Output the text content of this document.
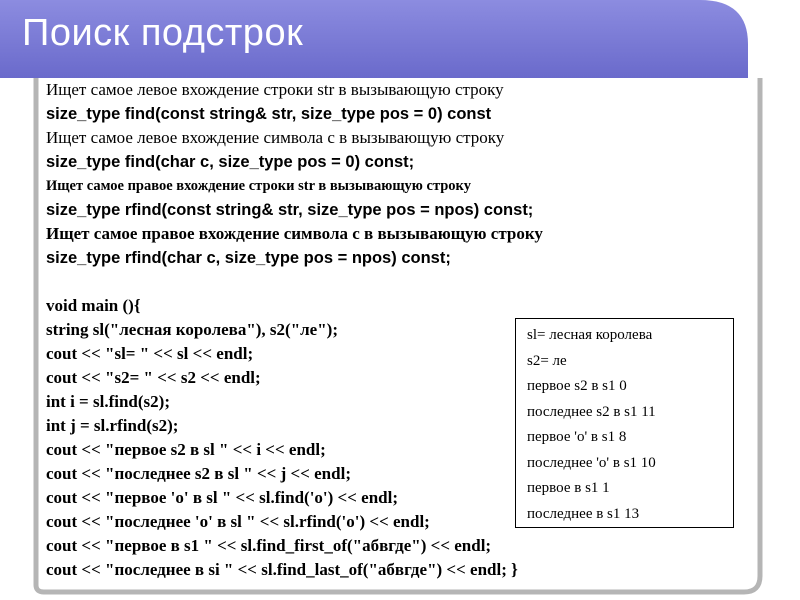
Поиск подстрок
Ищет самое левое вхождение строки str в вызывающую строку
size_type find(const string& str, size_type pos = 0) const
Ищет самое левое вхождение символа с в вызывающую строку
size_type find(char c, size_type pos = 0) const;
Ищет самое правое вхождение строки str в вызывающую строку
size_type rfind(const string& str, size_type pos = npos) const;
Ищет самое правое вхождение символа с в вызывающую строку
size_type rfind(char c, size_type pos = npos) const;
void main (){
string sl("лесная королева"), s2("ле");
cout << "sl= " << sl << endl;
cout << "s2= " << s2 << endl;
int i = sl.find(s2);
int j = sl.rfind(s2);
cout << "первое s2 в sl " << i << endl;
cout << "последнее s2 в sl " << j << endl;
cout << "первое 'o' в sl " << sl.find('o') << endl;
cout << "последнее 'o' в sl " << sl.rfind('o') << endl;
cout << "первое в s1 " << sl.find_first_of("абвгде") << endl;
cout << "последнее в si " << sl.find_last_of("абвгде") << endl; }
sl= лесная королева
s2= ле
первое s2 в s1 0
последнее s2 в s1 11
первое 'o' в s1 8
последнее 'o' в s1 10
первое в s1 1
последнее в s1 13
